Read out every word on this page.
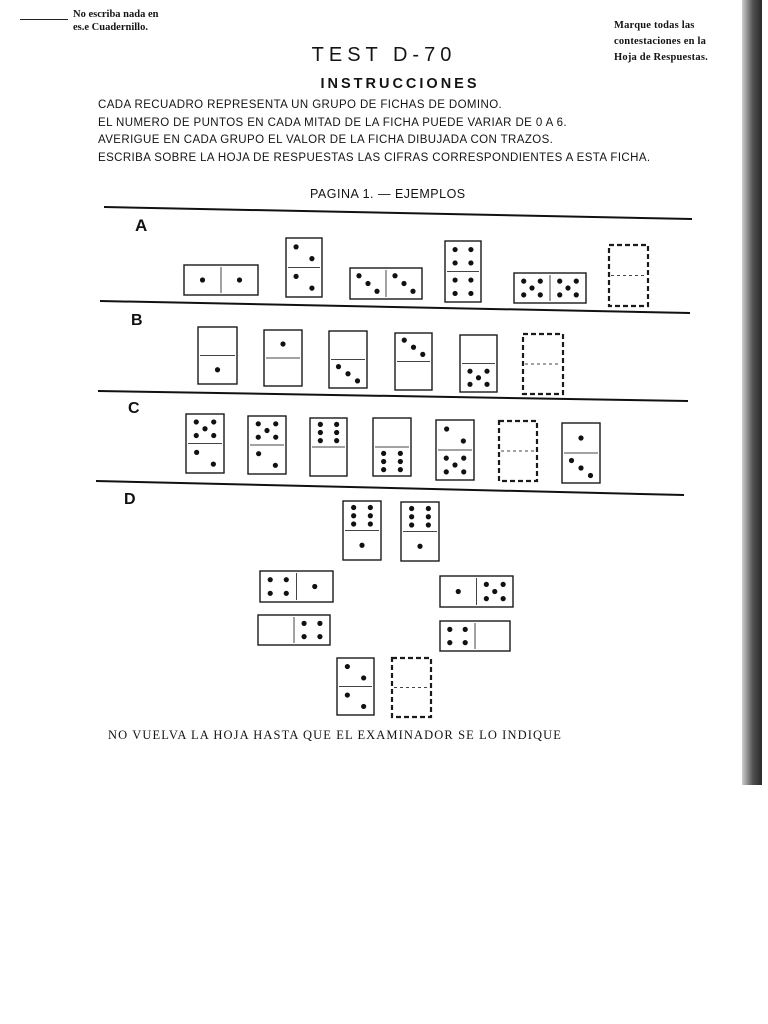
No escriba nada en
es.e Cuadernillo.	Marque todas las
contestaciones en la
Hoja de Respuestas.
TEST D-70
INSTRUCCIONES
CADA RECUADRO REPRESENTA UN GRUPO DE FICHAS DE DOMINO.
EL NUMERO DE PUNTOS EN CADA MITAD DE LA FICHA PUEDE VARIAR DE 0 A 6.
AVERIGUE EN CADA GRUPO EL VALOR DE LA FICHA DIBUJADA CON TRAZOS.
ESCRIBA SOBRE LA HOJA DE RESPUESTAS LAS CIFRAS CORRESPONDIENTES A ESTA FICHA.
PAGINA 1. — EJEMPLOS
A
B
C
D
NO VUELVA LA HOJA HASTA QUE EL EXAMINADOR SE LO INDIQUE
